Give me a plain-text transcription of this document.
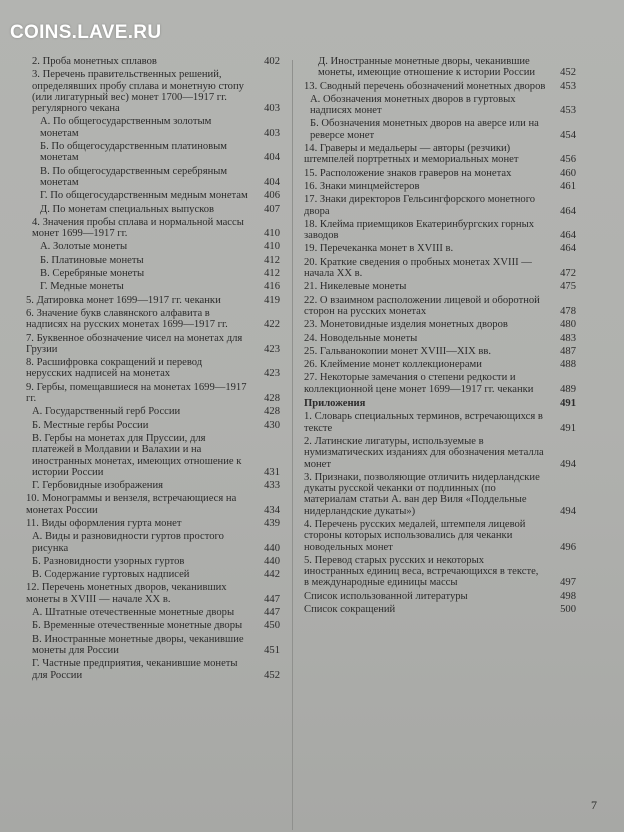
COINS.LAVE.RU
2. Проба монетных сплавов	402
3. Перечень правительственных решений, определявших пробу сплава и монетную стопу (или лигатурный вес) монет 1700—1917 гг. регулярного чекана	403
А. По общегосударственным золотым монетам	403
Б. По общегосударственным платиновым монетам	404
В. По общегосударственным серебряным монетам	404
Г. По общегосударственным медным монетам 406
Д. По монетам специальных выпусков	407
4. Значения пробы сплава и нормальной массы монет 1699—1917 гг.	410
А. Золотые монеты	410
Б. Платиновые монеты	412
В. Серебряные монеты	412
Г. Медные монеты	416
5. Датировка монет 1699—1917 гг. чеканки	419
6. Значение букв славянского алфавита в надписях на русских монетах 1699—1917 гг.	422
7. Буквенное обозначение чисел на монетах для Грузии	423
8. Расшифровка сокращений и перевод нерусских надписей на монетах	423
9. Гербы, помещавшиеся на монетах 1699—1917 гг.	428
А. Государственный герб России	428
Б. Местные гербы России	430
В. Гербы на монетах для Пруссии, для платежей в Молдавии и Валахии и на иностранных монетах, имеющих отношение к истории России	431
Г. Гербовидные изображения	433
10. Монограммы и вензеля, встречающиеся на монетах России	434
11. Виды оформления гурта монет	439
А. Виды и разновидности гуртов простого рисунка	440
Б. Разновидности узорных гуртов	440
В. Содержание гуртовых надписей	442
12. Перечень монетных дворов, чеканивших монеты в XVIII — начале XX в.	447
А. Штатные отечественные монетные дворы	447
Б. Временные отечественные монетные дворы 450
В. Иностранные монетные дворы, чеканившие монеты для России	451
Г. Частные предприятия, чеканившие монеты для России	452
Д. Иностранные монетные дворы, чеканившие монеты, имеющие отношение к истории России 452
13. Сводный перечень обозначений монетных дворов 453
А. Обозначения монетных дворов в гуртовых надписях монет	453
Б. Обозначения монетных дворов на аверсе или на реверсе монет	454
14. Граверы и медальеры — авторы (резчики) штемпелей портретных и мемориальных монет	456
15. Расположение знаков граверов на монетах	460
16. Знаки минцмейстеров	461
17. Знаки директоров Гельсингфорского монетного двора	464
18. Клейма приемщиков Екатеринбургских горных заводов	464
19. Перечеканка монет в XVIII в.	464
20. Краткие сведения о пробных монетах XVIII — начала XX в.	472
21. Никелевые монеты	475
22. О взаимном расположении лицевой и оборотной сторон на русских монетах	478
23. Монетовидные изделия монетных дворов	480
24. Новодельные монеты	483
25. Гальванокопии монет XVIII—XIX вв.	487
26. Клеймение монет коллекционерами	488
27. Некоторые замечания о степени редкости и коллекционной цене монет 1699—1917 гг. чеканки	489
Приложения	491
1. Словарь специальных терминов, встречающихся в тексте	491
2. Латинские лигатуры, используемые в нумизматических изданиях для обозначения металла монет	494
3. Признаки, позволяющие отличить нидерландские дукаты русской чеканки от подлинных (по материалам статьи А. ван дер Виля «Поддельные нидерландские дукаты»)	494
4. Перечень русских медалей, штемпеля лицевой стороны которых использовались для чеканки новодельных монет	496
5. Перевод старых русских и некоторых иностранных единиц веса, встречающихся в тексте, в международные единицы массы	497
Список использованной литературы	498
Список сокращений	500
7
